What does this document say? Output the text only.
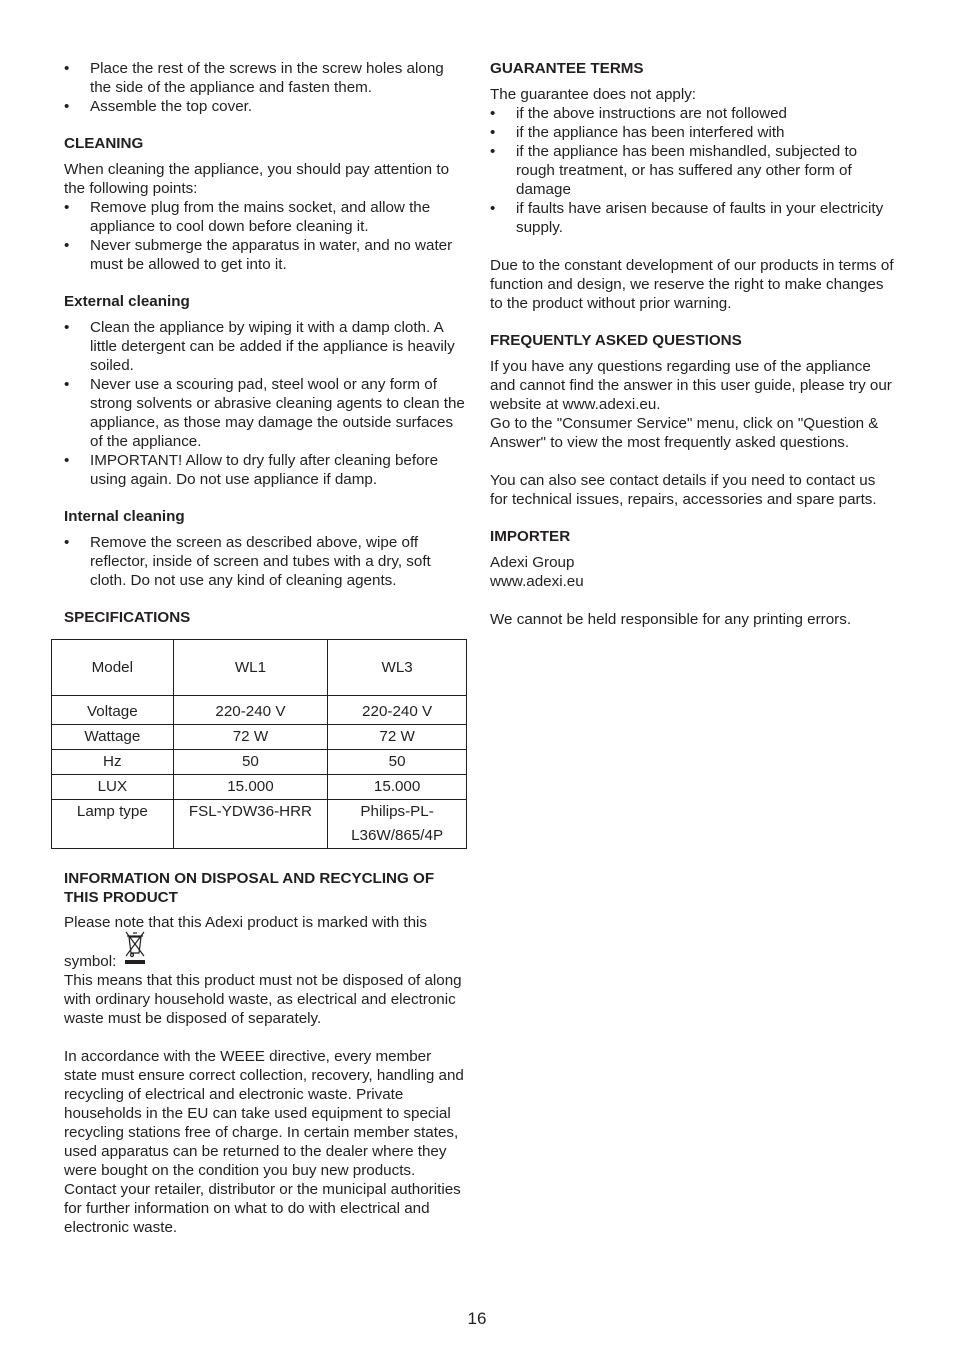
• Place the rest of the screws in the screw holes along the side of the appliance and fasten them.
• Assemble the top cover.
CLEANING

When cleaning the appliance, you should pay attention to the following points:

• Remove plug from the mains socket, and allow the appliance to cool down before cleaning it.
• Never submerge the apparatus in water, and no water must be allowed to get into it.
External cleaning
• Clean the appliance by wiping it with a damp cloth. A little detergent can be added if the appliance is heavily soiled.
• Never use a scouring pad, steel wool or any form of strong solvents or abrasive cleaning agents to clean the appliance, as those may damage the outside surfaces of the appliance.
• IMPORTANT! Allow to dry fully after cleaning before using again. Do not use appliance if damp.
Internal cleaning
• Remove the screen as described above, wipe off reflector, inside of screen and tubes with a dry, soft cloth. Do not use any kind of cleaning agents.
SPECIFICATIONS
Model	WL1	WL3
Voltage	220-240 V	220-240 V
Wattage	72 W	72 W
Hz	50	50
LUX	15.000	15.000
Lamp type	FSL-YDW36-HRR	Philips-PL-
L36W/865/4P
INFORMATION ON DISPOSAL AND RECYCLING OF THIS PRODUCT

Please note that this Adexi product is marked with this

symbol:

This means that this product must not be disposed of along with ordinary household waste, as electrical and electronic waste must be disposed of separately.

In accordance with the WEEE directive, every member state must ensure correct collection, recovery, handling and recycling of electrical and electronic waste. Private households in the EU can take used equipment to special recycling stations free of charge. In certain member states, used apparatus can be returned to the dealer where they were bought on the condition you buy new products. Contact your retailer, distributor or the municipal authorities for further information on what to do with electrical and electronic waste.

GUARANTEE TERMS

The guarantee does not apply:

• if the above instructions are not followed
• if the appliance has been interfered with
• if the appliance has been mishandled, subjected to rough treatment, or has suffered any other form of damage
• if faults have arisen because of faults in your electricity supply.

Due to the constant development of our products in terms of function and design, we reserve the right to make changes to the product without prior warning.

FREQUENTLY ASKED QUESTIONS

If you have any questions regarding use of the appliance and cannot find the answer in this user guide, please try our website at www.adexi.eu.

Go to the "Consumer Service" menu, click on "Question & Answer" to view the most frequently asked questions.

You can also see contact details if you need to contact us for technical issues, repairs, accessories and spare parts.

IMPORTER

Adexi Group

www.adexi.eu

We cannot be held responsible for any printing errors.

16
